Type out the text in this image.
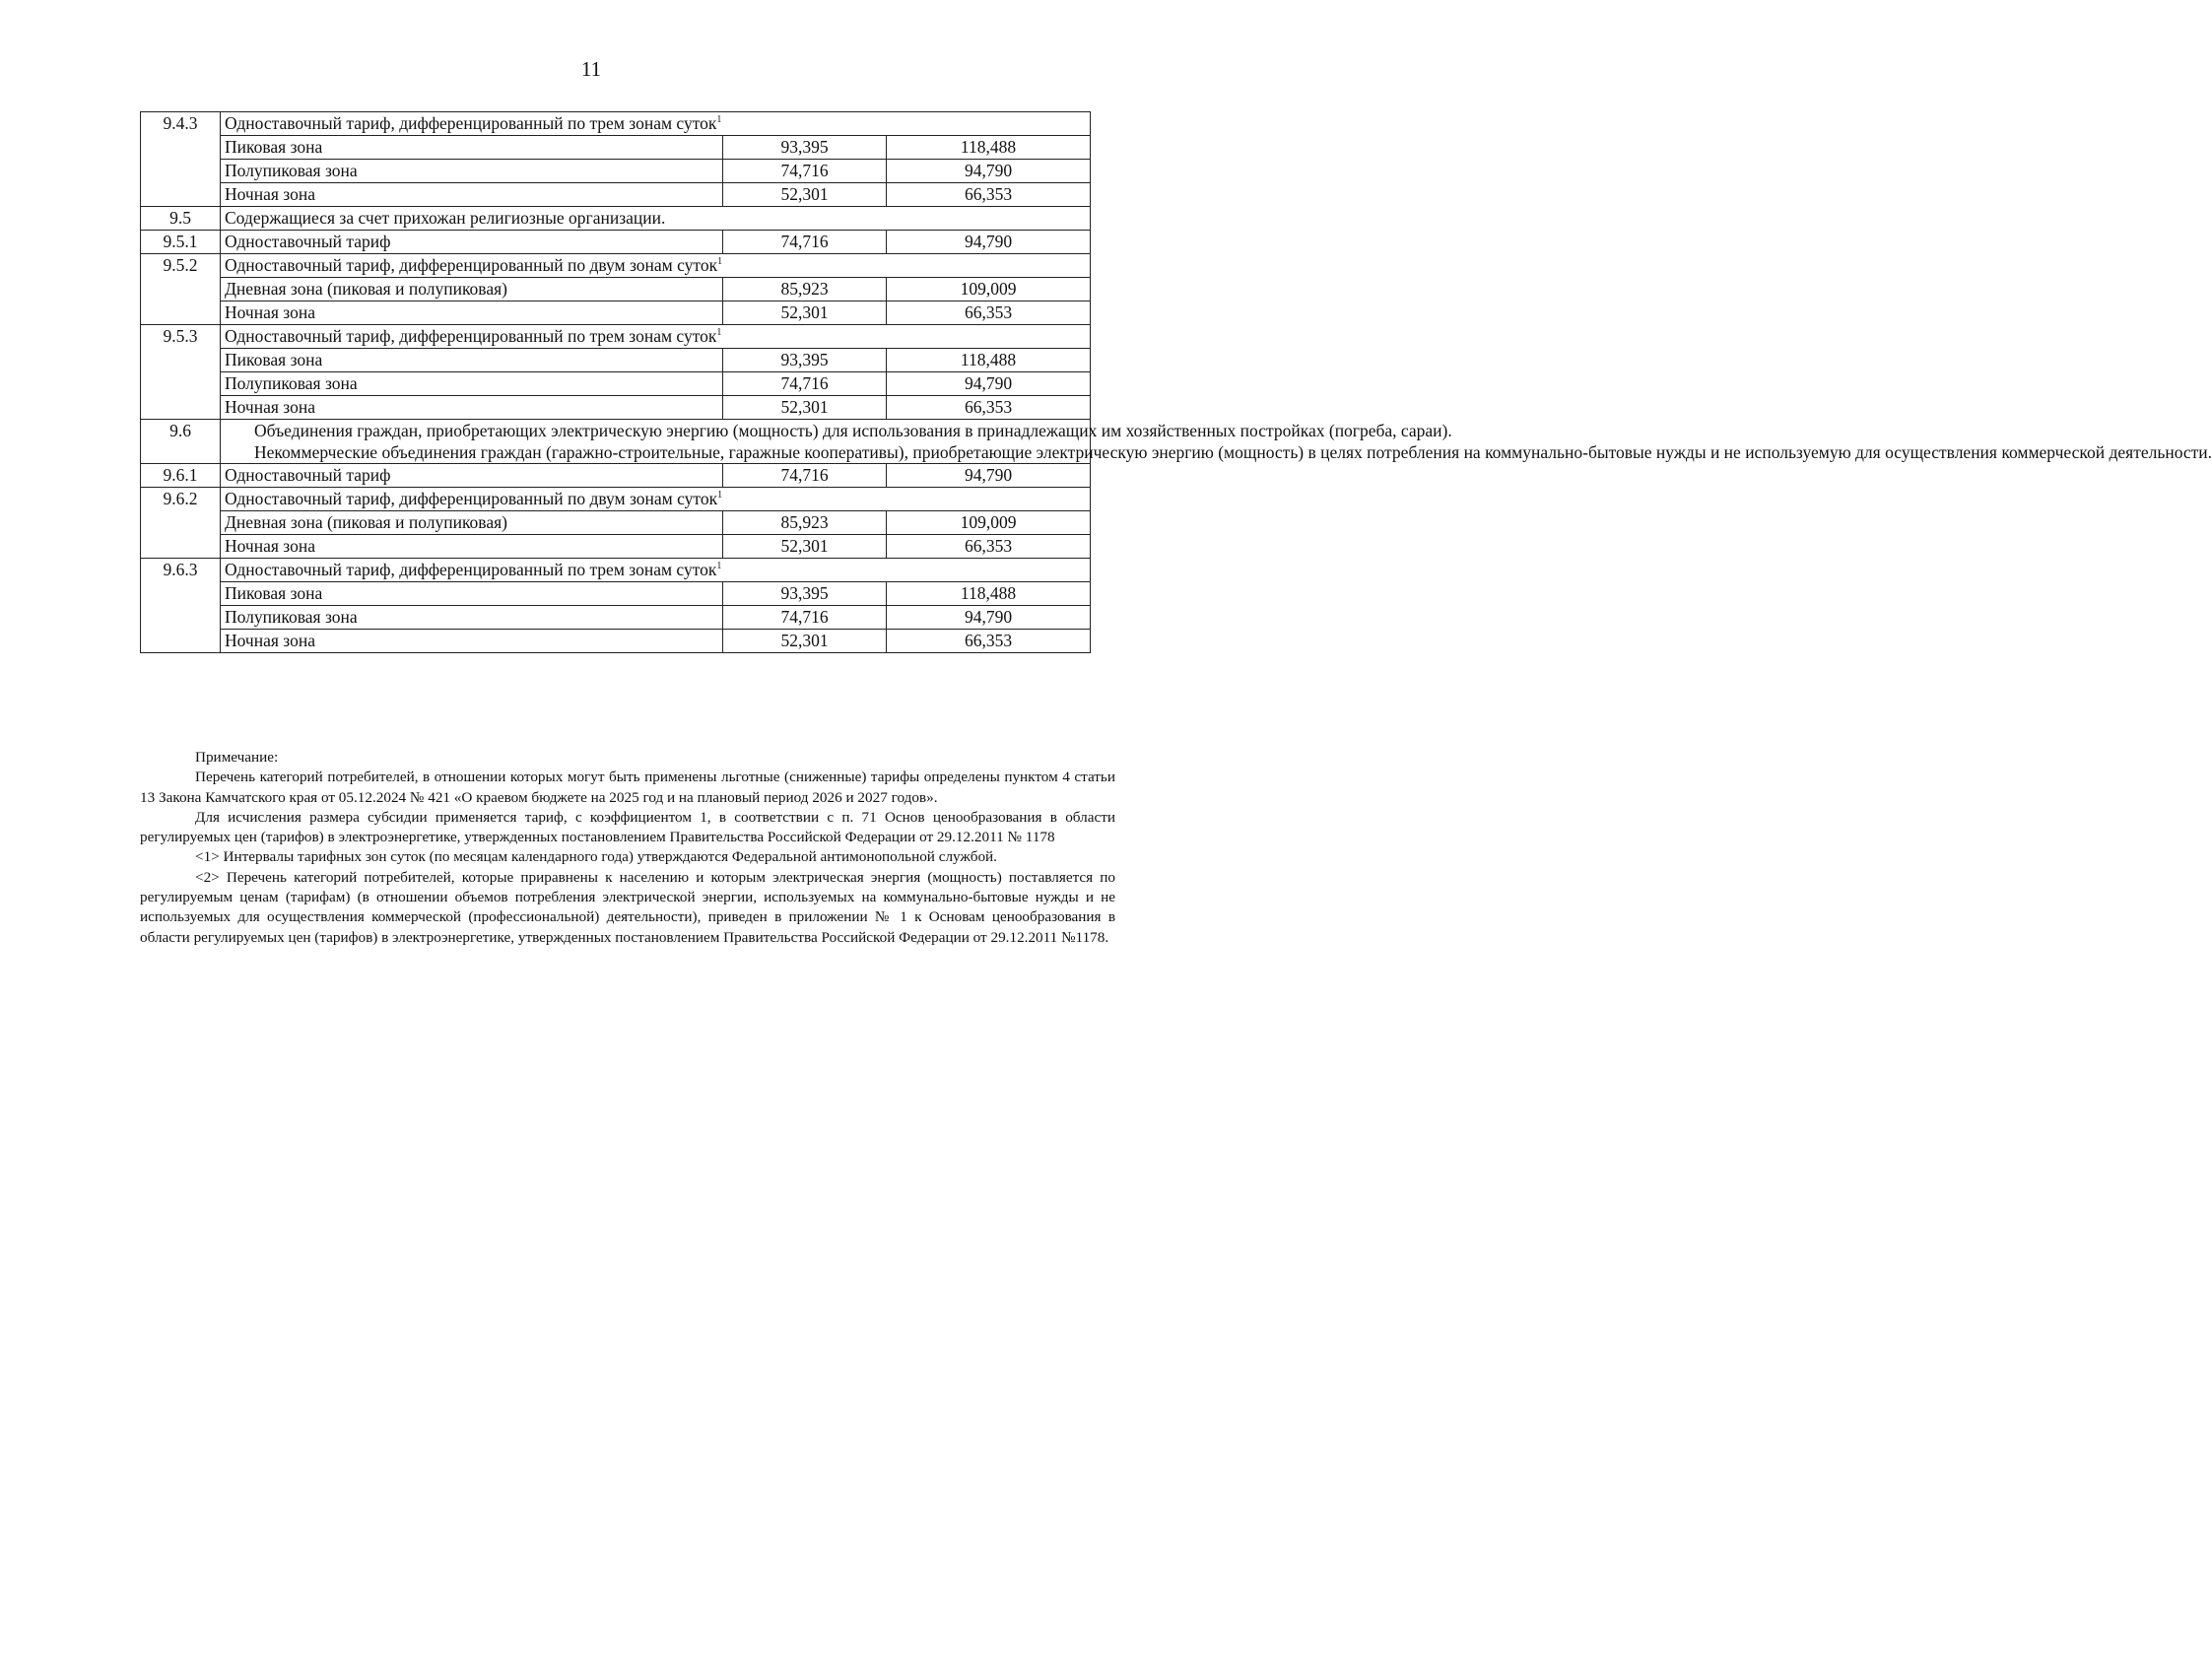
11
9.4.3	Одноставочный тариф, дифференцированный по трем зонам суток$^1$
	Пиковая зона	93,395	118,488
	Полупиковая зона	74,716	94,790
	Ночная зона	52,301	66,353
9.5	Содержащиеся за счет прихожан религиозные организации.		
9.5.1	Одноставочный тариф	74,716	94,790
9.5.2	Одноставочный тариф, дифференцированный по двум зонам суток$^1$
	Дневная зона (пиковая и полупиковая)	85,923	109,009
	Ночная зона	52,301	66,353
9.5.3	Одноставочный тариф, дифференцированный по трем зонам суток$^1$
	Пиковая зона	93,395	118,488
	Полупиковая зона	74,716	94,790
	Ночная зона	52,301	66,353
9.6	Объединения граждан, приобретающих электрическую энергию (мощность) для использования в принадлежащих им хозяйственных постройках (погреба, сараи).

Некоммерческие объединения граждан (гаражно-строительные, гаражные кооперативы), приобретающие электрическую энергию (мощность) в целях потребления на коммунально-бытовые нужды и не используемую для осуществления коммерческой деятельности.		

9.6.1	Одноставочный тариф	74,716	94,790
9.6.2	Одноставочный тариф, дифференцированный по двум зонам суток$^1$
	Дневная зона (пиковая и полупиковая)	85,923	109,009
	Ночная зона	52,301	66,353
9.6.3	Одноставочный тариф, дифференцированный по трем зонам суток$^1$
	Пиковая зона	93,395	118,488
	Полупиковая зона	74,716	94,790
	Ночная зона	52,301	66,353

Примечание:

Перечень категорий потребителей, в отношении которых могут быть применены льготные (сниженные) тарифы определены пунктом 4 статьи 13 Закона Камчатского края от 05.12.2024 № 421 «О краевом бюджете на 2025 год и на плановый период 2026 и 2027 годов».

Для исчисления размера субсидии применяется тариф, с коэффициентом 1, в соответствии с п. 71 Основ ценообразования в области регулируемых цен (тарифов) в электроэнергетике, утвержденных постановлением Правительства Российской Федерации от 29.12.2011 № 1178

<1> Интервалы тарифных зон суток (по месяцам календарного года) утверждаются Федеральной антимонопольной службой.

<2> Перечень категорий потребителей, которые приравнены к населению и которым электрическая энергия (мощность) поставляется по регулируемым ценам (тарифам) (в отношении объемов потребления электрической энергии, используемых на коммунально-бытовые нужды и не используемых для осуществления коммерческой (профессиональной) деятельности), приведен в приложении № 1 к Основам ценообразования в области регулируемых цен (тарифов) в электроэнергетике, утвержденных постановлением Правительства Российской Федерации от 29.12.2011 №1178.
